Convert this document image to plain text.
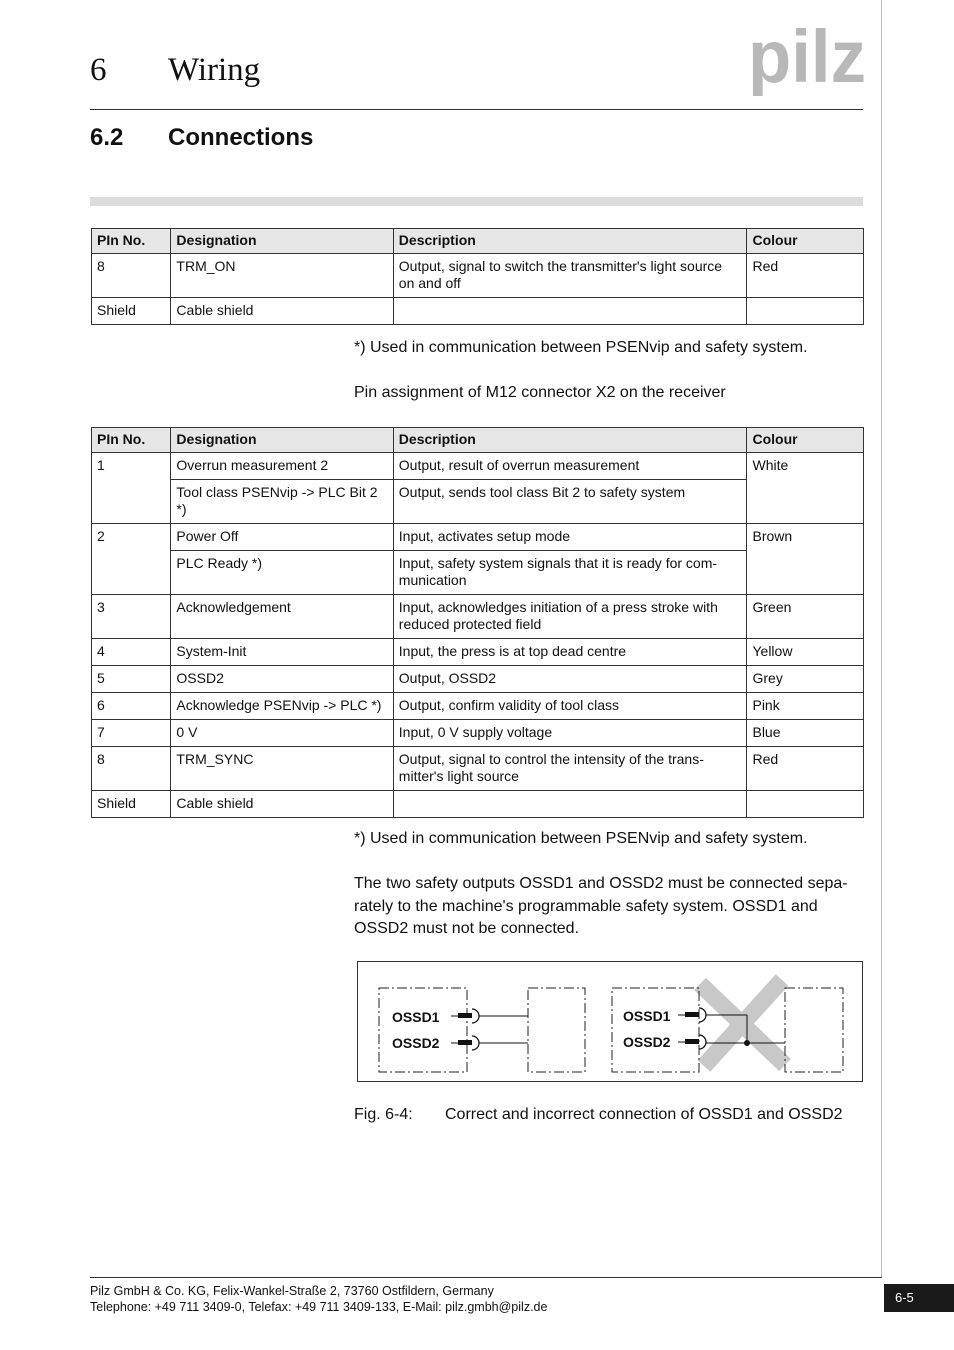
6 Wiring	pilz
6.2 Connections
PIn No.	Designation	Description	Colour
8	TRM_ON	Output, signal to switch the transmitter's light source on and off	Red
Shield	Cable shield		
*) Used in communication between PSENvip and safety system.
Pin assignment of M12 connector X2 on the receiver
PIn No.	Designation	Description	Colour
1	Overrun measurement 2	Output, result of overrun measurement	White
	Tool class PSENvip -> PLC Bit 2 *)	Output, sends tool class Bit 2 to safety system	
2	Power Off	Input, activates setup mode	Brown
	PLC Ready *)	Input, safety system signals that it is ready for com-munication	
3	Acknowledgement	Input, acknowledges initiation of a press stroke with reduced protected field	Green
4	System-Init	Input, the press is at top dead centre	Yellow
5	OSSD2	Output, OSSD2	Grey
6	Acknowledge PSENvip -> PLC *)	Output, confirm validity of tool class	Pink
7	0 V	Input, 0 V supply voltage	Blue
8	TRM_SYNC	Output, signal to control the intensity of the trans-mitter's light source	Red
Shield	Cable shield		
*) Used in communication between PSENvip and safety system.
The two safety outputs OSSD1 and OSSD2 must be connected sepa-rately to the machine's programmable safety system. OSSD1 and OSSD2 must not be connected.
OSSD1
OSSD2
OSSD1
OSSD2
Fig. 6-4: Correct and incorrect connection of OSSD1 and OSSD2
Pilz GmbH & Co. KG, Felix-Wankel-Straße 2, 73760 Ostfildern, Germany
Telephone: +49 711 3409-0, Telefax: +49 711 3409-133, E-Mail: pilz.gmbh@pilz.de
6-5
